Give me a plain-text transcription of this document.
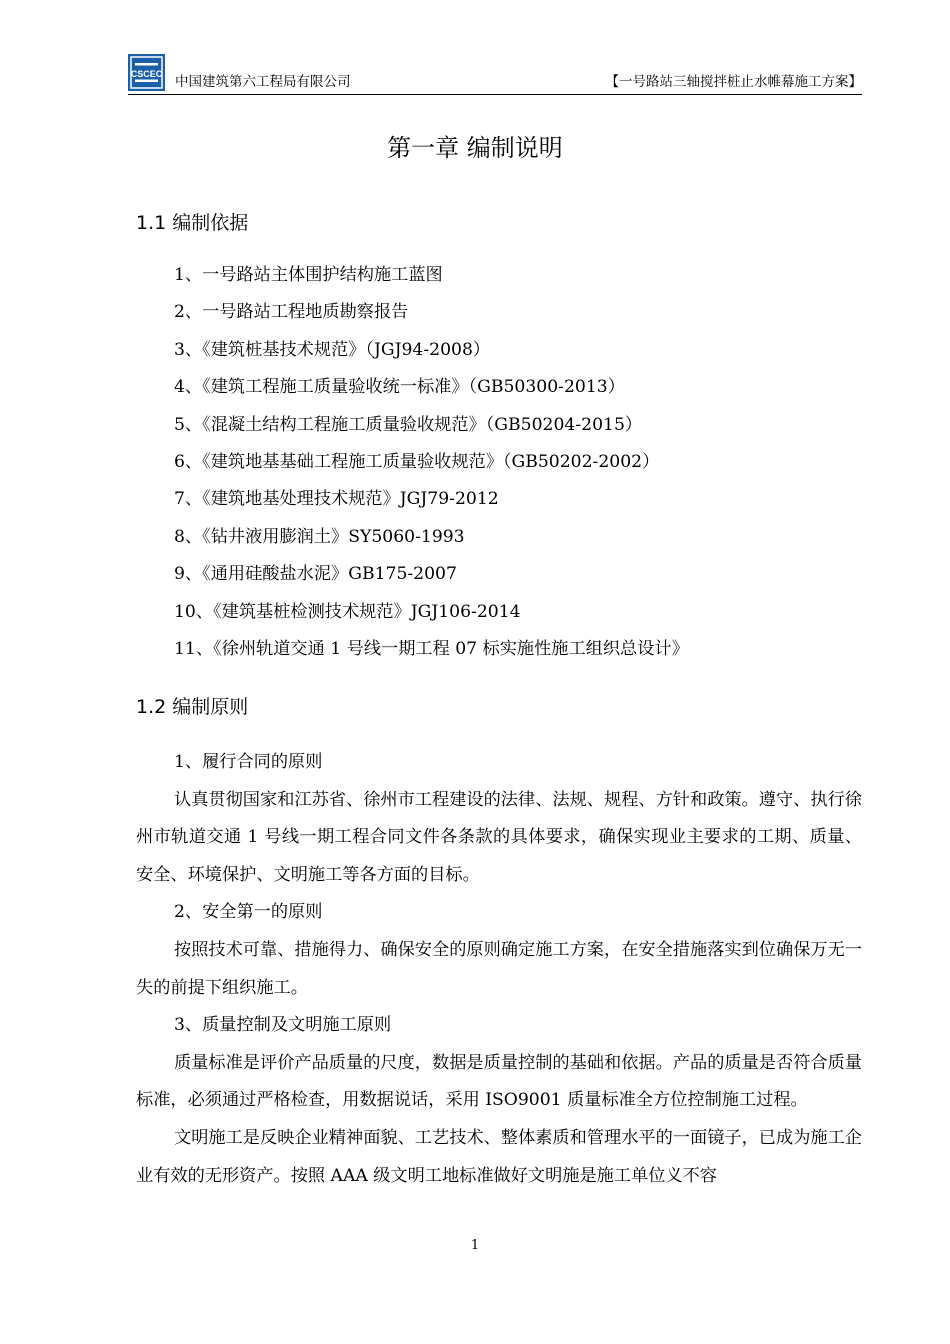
CSCEC 中国建筑第六工程局有限公司	【一号路站三轴搅拌桩止水帷幕施工方案】
第一章 编制说明
1.1 编制依据
1、一号路站主体围护结构施工蓝图
2、一号路站工程地质勘察报告
3、《建筑桩基技术规范》（JGJ94-2008）
4、《建筑工程施工质量验收统一标准》（GB50300-2013）
5、《混凝土结构工程施工质量验收规范》（GB50204-2015）
6、《建筑地基基础工程施工质量验收规范》（GB50202-2002）
7、《建筑地基处理技术规范》JGJ79-2012
8、《钻井液用膨润土》SY5060-1993
9、《通用硅酸盐水泥》GB175-2007
10、《建筑基桩检测技术规范》JGJ106-2014
11、《徐州轨道交通 1 号线一期工程 07 标实施性施工组织总设计》
1.2 编制原则

1、履行合同的原则

认真贯彻国家和江苏省、徐州市工程建设的法律、法规、规程、方针和政策。遵守、执行徐州市轨道交通 1 号线一期工程合同文件各条款的具体要求，确保实现业主要求的工期、质量、安全、环境保护、文明施工等各方面的目标。

2、安全第一的原则

按照技术可靠、措施得力、确保安全的原则确定施工方案，在安全措施落实到位确保万无一失的前提下组织施工。

3、质量控制及文明施工原则

质量标准是评价产品质量的尺度，数据是质量控制的基础和依据。产品的质量是否符合质量标准，必须通过严格检查，用数据说话，采用 ISO9001 质量标准全方位控制施工过程。

文明施工是反映企业精神面貌、工艺技术、整体素质和管理水平的一面镜子，已成为施工企业有效的无形资产。按照 AAA 级文明工地标准做好文明施是施工单位义不容

1
